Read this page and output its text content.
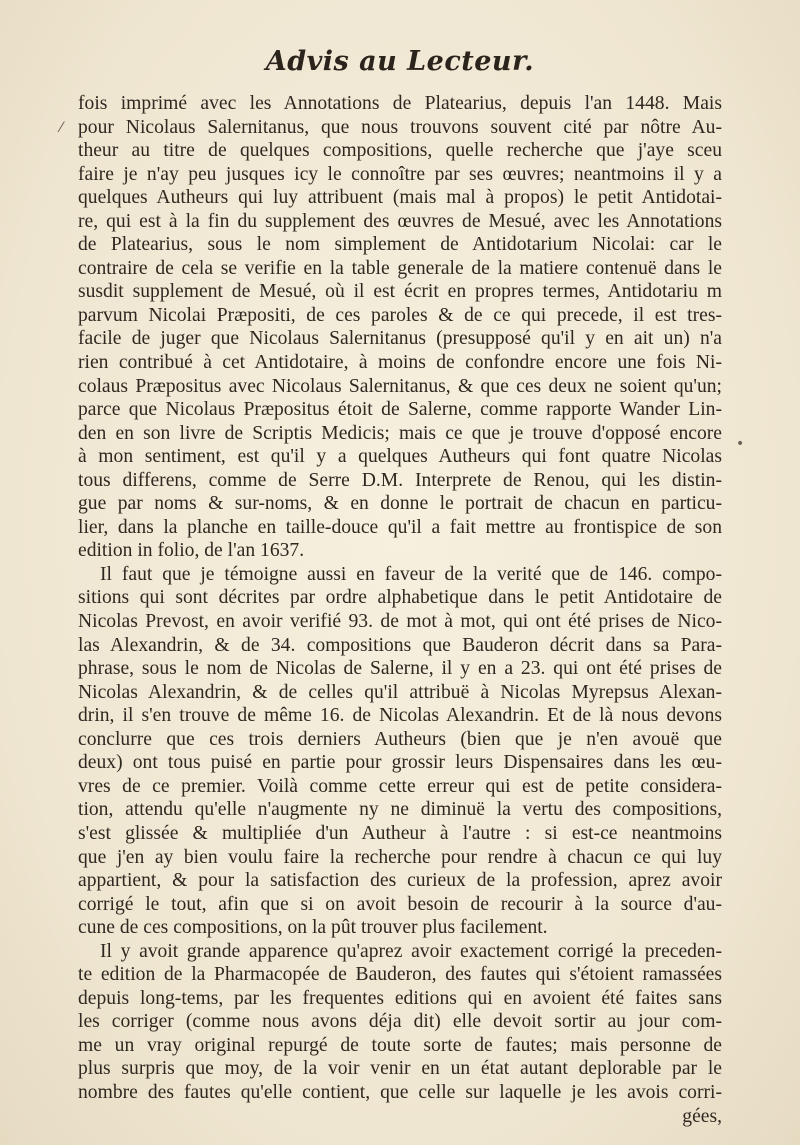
Advis au Lecteur.
fois imprimé avec les Annotations de Platearius, depuis l'an 1448. Mais
pour Nicolaus Salernitanus, que nous trouvons souvent cité par nôtre Au-
theur au titre de quelques compositions, quelle recherche que j'aye sceu
faire je n'ay peu jusques icy le connoître par ses œuvres; neantmoins il y a
quelques Autheurs qui luy attribuent (mais mal à propos) le petit Antidotai-
re, qui est à la fin du supplement des œuvres de Mesué, avec les Annotations
de Platearius, sous le nom simplement de Antidotarium Nicolai: car le
contraire de cela se verifie en la table generale de la matiere contenuë dans le
susdit supplement de Mesué, où il est écrit en propres termes, Antidotariu m
parvum Nicolai Præpositi, de ces paroles & de ce qui precede, il est tres-
facile de juger que Nicolaus Salernitanus (presupposé qu'il y en ait un) n'a
rien contribué à cet Antidotaire, à moins de confondre encore une fois Ni-
colaus Præpositus avec Nicolaus Salernitanus, & que ces deux ne soient qu'un;
parce que Nicolaus Præpositus étoit de Salerne, comme rapporte Wander Lin-
den en son livre de Scriptis Medicis; mais ce que je trouve d'opposé encore
à mon sentiment, est qu'il y a quelques Autheurs qui font quatre Nicolas
tous differens, comme de Serre D.M. Interprete de Renou, qui les distin-
gue par noms & sur-noms, & en donne le portrait de chacun en particu-
lier, dans la planche en taille-douce qu'il a fait mettre au frontispice de son
edition in folio, de l'an 1637.
Il faut que je témoigne aussi en faveur de la verité que de 146. compo-
sitions qui sont décrites par ordre alphabetique dans le petit Antidotaire de
Nicolas Prevost, en avoir verifié 93. de mot à mot, qui ont été prises de Nico-
las Alexandrin, & de 34. compositions que Bauderon décrit dans sa Para-
phrase, sous le nom de Nicolas de Salerne, il y en a 23. qui ont été prises de
Nicolas Alexandrin, & de celles qu'il attribuë à Nicolas Myrepsus Alexan-
drin, il s'en trouve de même 16. de Nicolas Alexandrin. Et de là nous devons
conclurre que ces trois derniers Autheurs (bien que je n'en avouë que
deux) ont tous puisé en partie pour grossir leurs Dispensaires dans les œu-
vres de ce premier. Voilà comme cette erreur qui est de petite considera-
tion, attendu qu'elle n'augmente ny ne diminuë la vertu des compositions,
s'est glissée & multipliée d'un Autheur à l'autre : si est-ce neantmoins
que j'en ay bien voulu faire la recherche pour rendre à chacun ce qui luy
appartient, & pour la satisfaction des curieux de la profession, aprez avoir
corrigé le tout, afin que si on avoit besoin de recourir à la source d'au-
cune de ces compositions, on la pût trouver plus facilement.
Il y avoit grande apparence qu'aprez avoir exactement corrigé la preceden-
te edition de la Pharmacopée de Bauderon, des fautes qui s'étoient ramassées
depuis long-tems, par les frequentes editions qui en avoient été faites sans
les corriger (comme nous avons déja dit) elle devoit sortir au jour com-
me un vray original repurgé de toute sorte de fautes; mais personne de
plus surpris que moy, de la voir venir en un état autant deplorable par le
nombre des fautes qu'elle contient, que celle sur laquelle je les avois corri-
gées,
⁄
•
